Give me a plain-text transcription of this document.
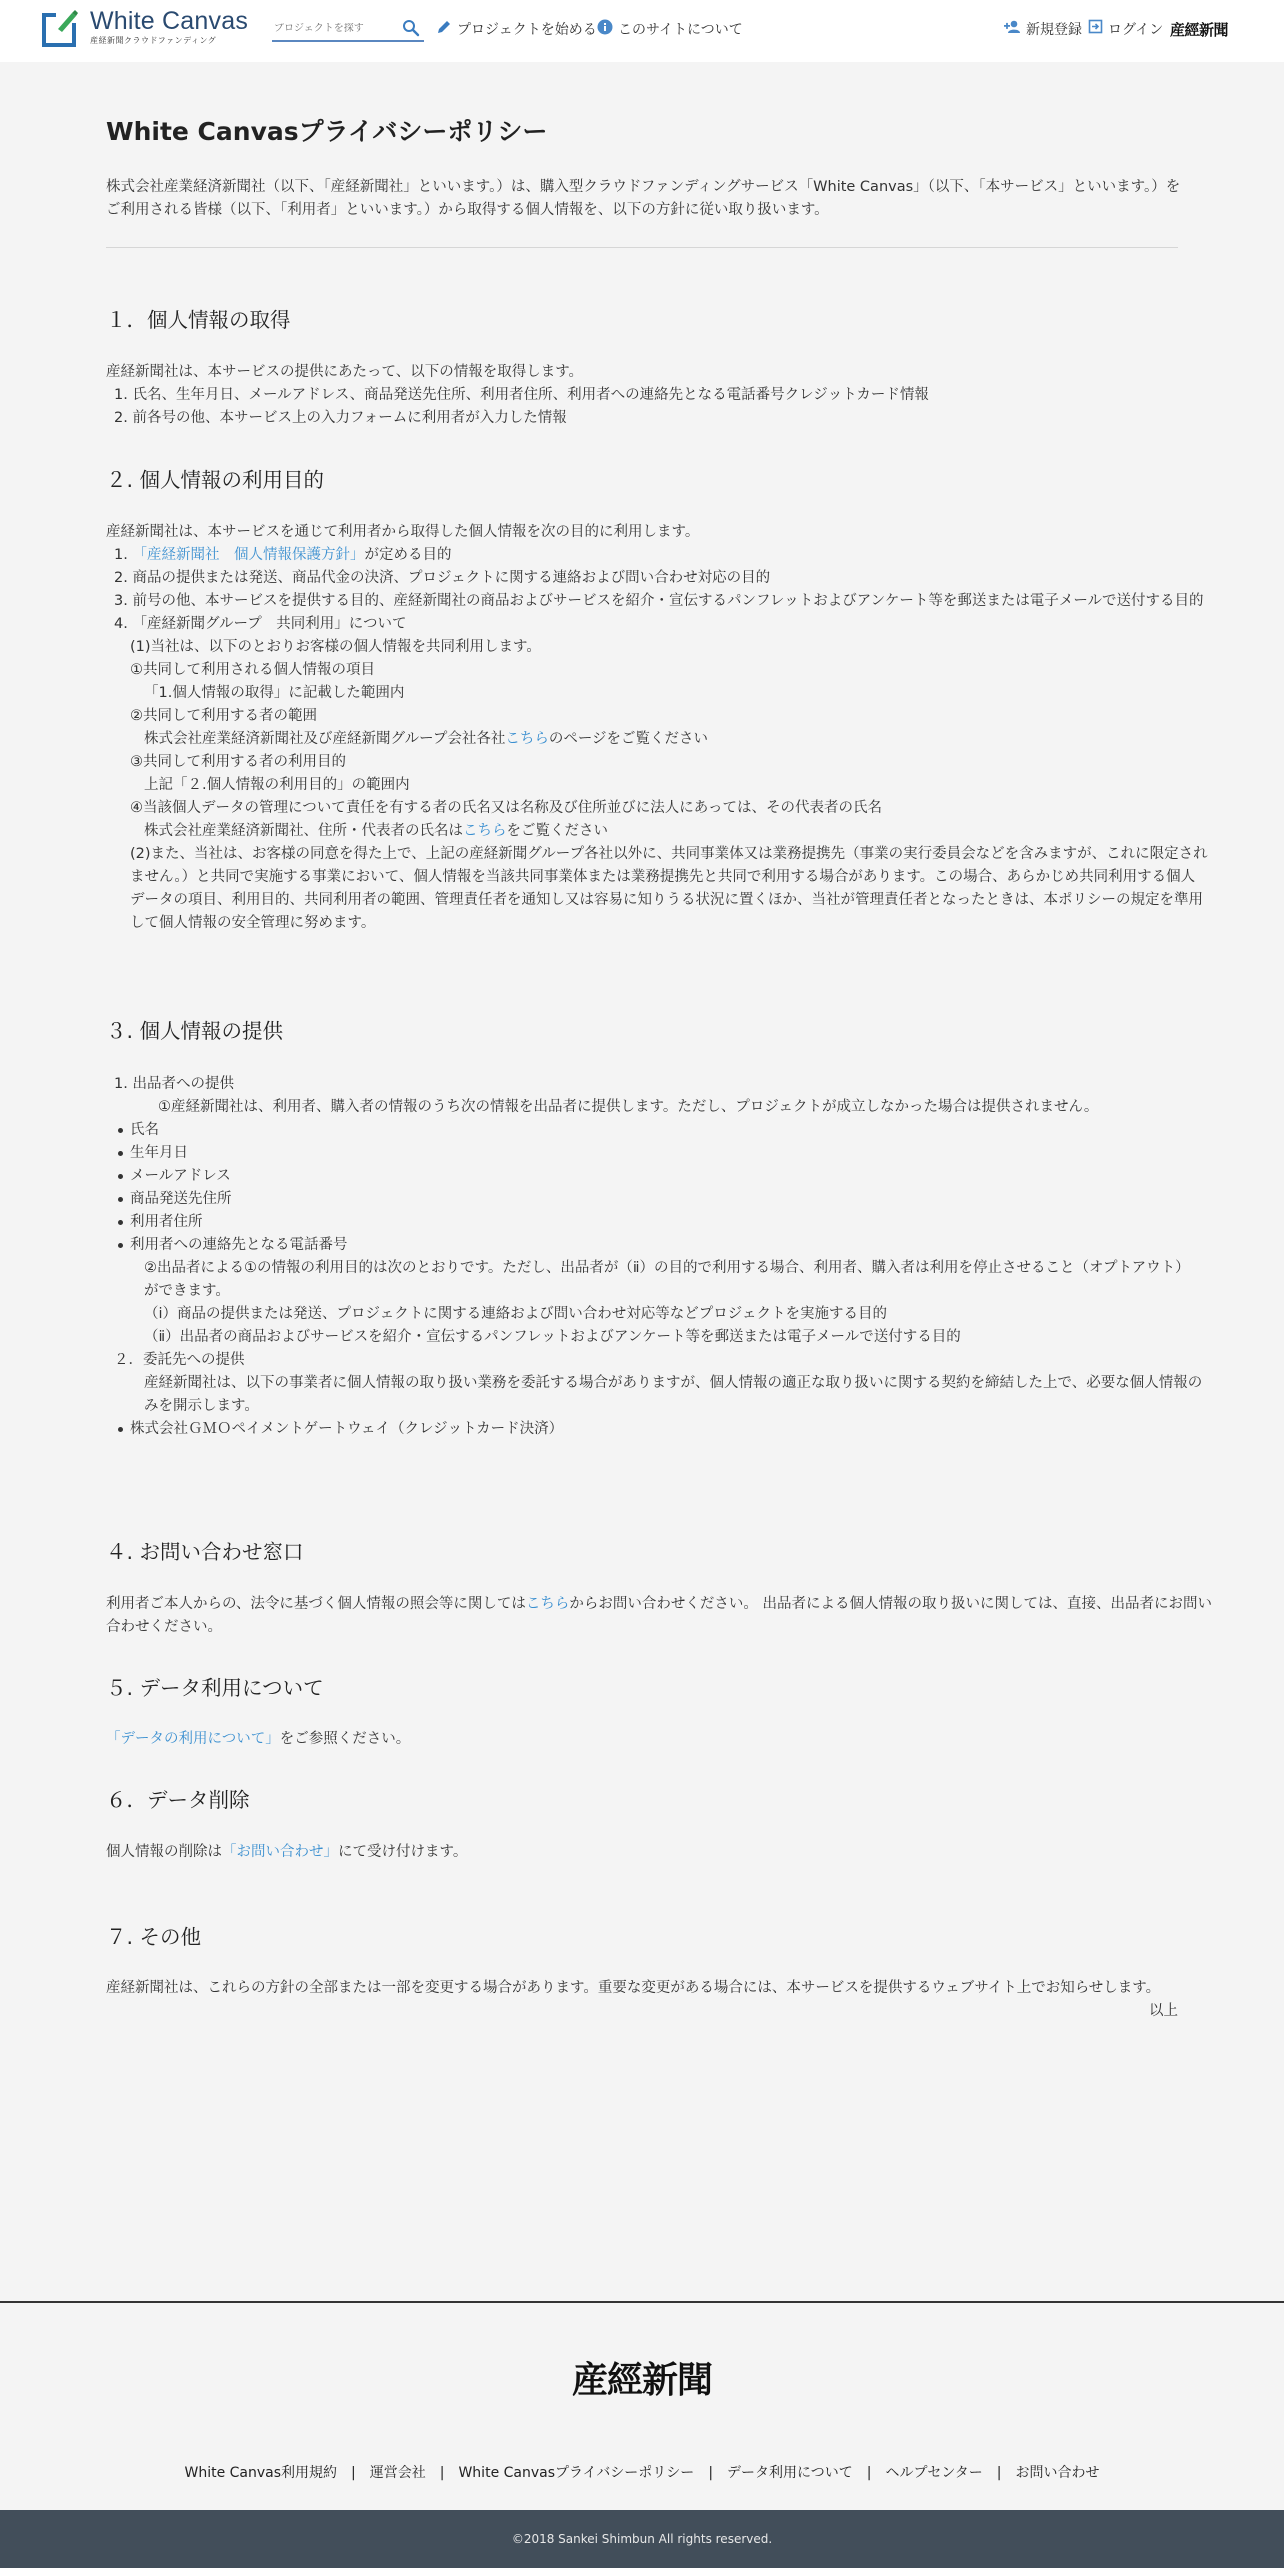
White Canvas
産経新聞クラウドファンディング
プロジェクトを探す
プロジェクトを始める このサイトについて	新規登録 ログイン 産經新聞
White Canvasプライバシーポリシー
株式会社産業経済新聞社（以下、「産経新聞社」といいます。）は、購入型クラウドファンディングサービス「White Canvas」（以下、「本サービス」といいます。）を
ご利用される皆様（以下、「利用者」といいます。）から取得する個人情報を、以下の方針に従い取り扱います。
１．個人情報の取得
産経新聞社は、本サービスの提供にあたって、以下の情報を取得します。
1. 氏名、生年月日、メールアドレス、商品発送先住所、利用者住所、利用者への連絡先となる電話番号クレジットカード情報
2. 前各号の他、本サービス上の入力フォームに利用者が入力した情報
２. 個人情報の利用目的
産経新聞社は、本サービスを通じて利用者から取得した個人情報を次の目的に利用します。
1. 「産経新聞社　個人情報保護方針」が定める目的
2. 商品の提供または発送、商品代金の決済、プロジェクトに関する連絡および問い合わせ対応の目的
3. 前号の他、本サービスを提供する目的、産経新聞社の商品およびサービスを紹介・宣伝するパンフレットおよびアンケート等を郵送または電子メールで送付する目的
4. 「産経新聞グループ　共同利用」について
(1)当社は、以下のとおりお客様の個人情報を共同利用します。
①共同して利用される個人情報の項目
「1.個人情報の取得」に記載した範囲内
②共同して利用する者の範囲
株式会社産業経済新聞社及び産経新聞グループ会社各社こちらのページをご覧ください
③共同して利用する者の利用目的
上記「２.個人情報の利用目的」の範囲内
④当該個人データの管理について責任を有する者の氏名又は名称及び住所並びに法人にあっては、その代表者の氏名
株式会社産業経済新聞社、住所・代表者の氏名はこちらをご覧ください
(2)また、当社は、お客様の同意を得た上で、上記の産経新聞グループ各社以外に、共同事業体又は業務提携先（事業の実行委員会などを含みますが、これに限定され
ません。）と共同で実施する事業において、個人情報を当該共同事業体または業務提携先と共同で利用する場合があります。この場合、あらかじめ共同利用する個人
データの項目、利用目的、共同利用者の範囲、管理責任者を通知し又は容易に知りうる状況に置くほか、当社が管理責任者となったときは、本ポリシーの規定を準用
して個人情報の安全管理に努めます。
３. 個人情報の提供
1. 出品者への提供
①産経新聞社は、利用者、購入者の情報のうち次の情報を出品者に提供します。ただし、プロジェクトが成立しなかった場合は提供されません。
氏名
生年月日
メールアドレス
商品発送先住所
利用者住所
利用者への連絡先となる電話番号
②出品者による①の情報の利用目的は次のとおりです。ただし、出品者が（ⅱ）の目的で利用する場合、利用者、購入者は利用を停止させること（オプトアウト）
ができます。
（ⅰ）商品の提供または発送、プロジェクトに関する連絡および問い合わせ対応等などプロジェクトを実施する目的
（ⅱ）出品者の商品およびサービスを紹介・宣伝するパンフレットおよびアンケート等を郵送または電子メールで送付する目的
２．委託先への提供
産経新聞社は、以下の事業者に個人情報の取り扱い業務を委託する場合がありますが、個人情報の適正な取り扱いに関する契約を締結した上で、必要な個人情報の
みを開示します。
株式会社ＧＭＯペイメントゲートウェイ（クレジットカード決済）
４. お問い合わせ窓口
利用者ご本人からの、法令に基づく個人情報の照会等に関してはこちらからお問い合わせください。 出品者による個人情報の取り扱いに関しては、直接、出品者にお問い
合わせください。
５. データ利用について
「データの利用について」をご参照ください。
６．データ削除
個人情報の削除は「お問い合わせ」にて受け付けます。
７. その他
産経新聞社は、これらの方針の全部または一部を変更する場合があります。重要な変更がある場合には、本サービスを提供するウェブサイト上でお知らせします。
以上
産經新聞
White Canvas利用規約 | 運営会社 | White Canvasプライバシーポリシー | データ利用について | ヘルプセンター | お問い合わせ
©2018 Sankei Shimbun All rights reserved.
